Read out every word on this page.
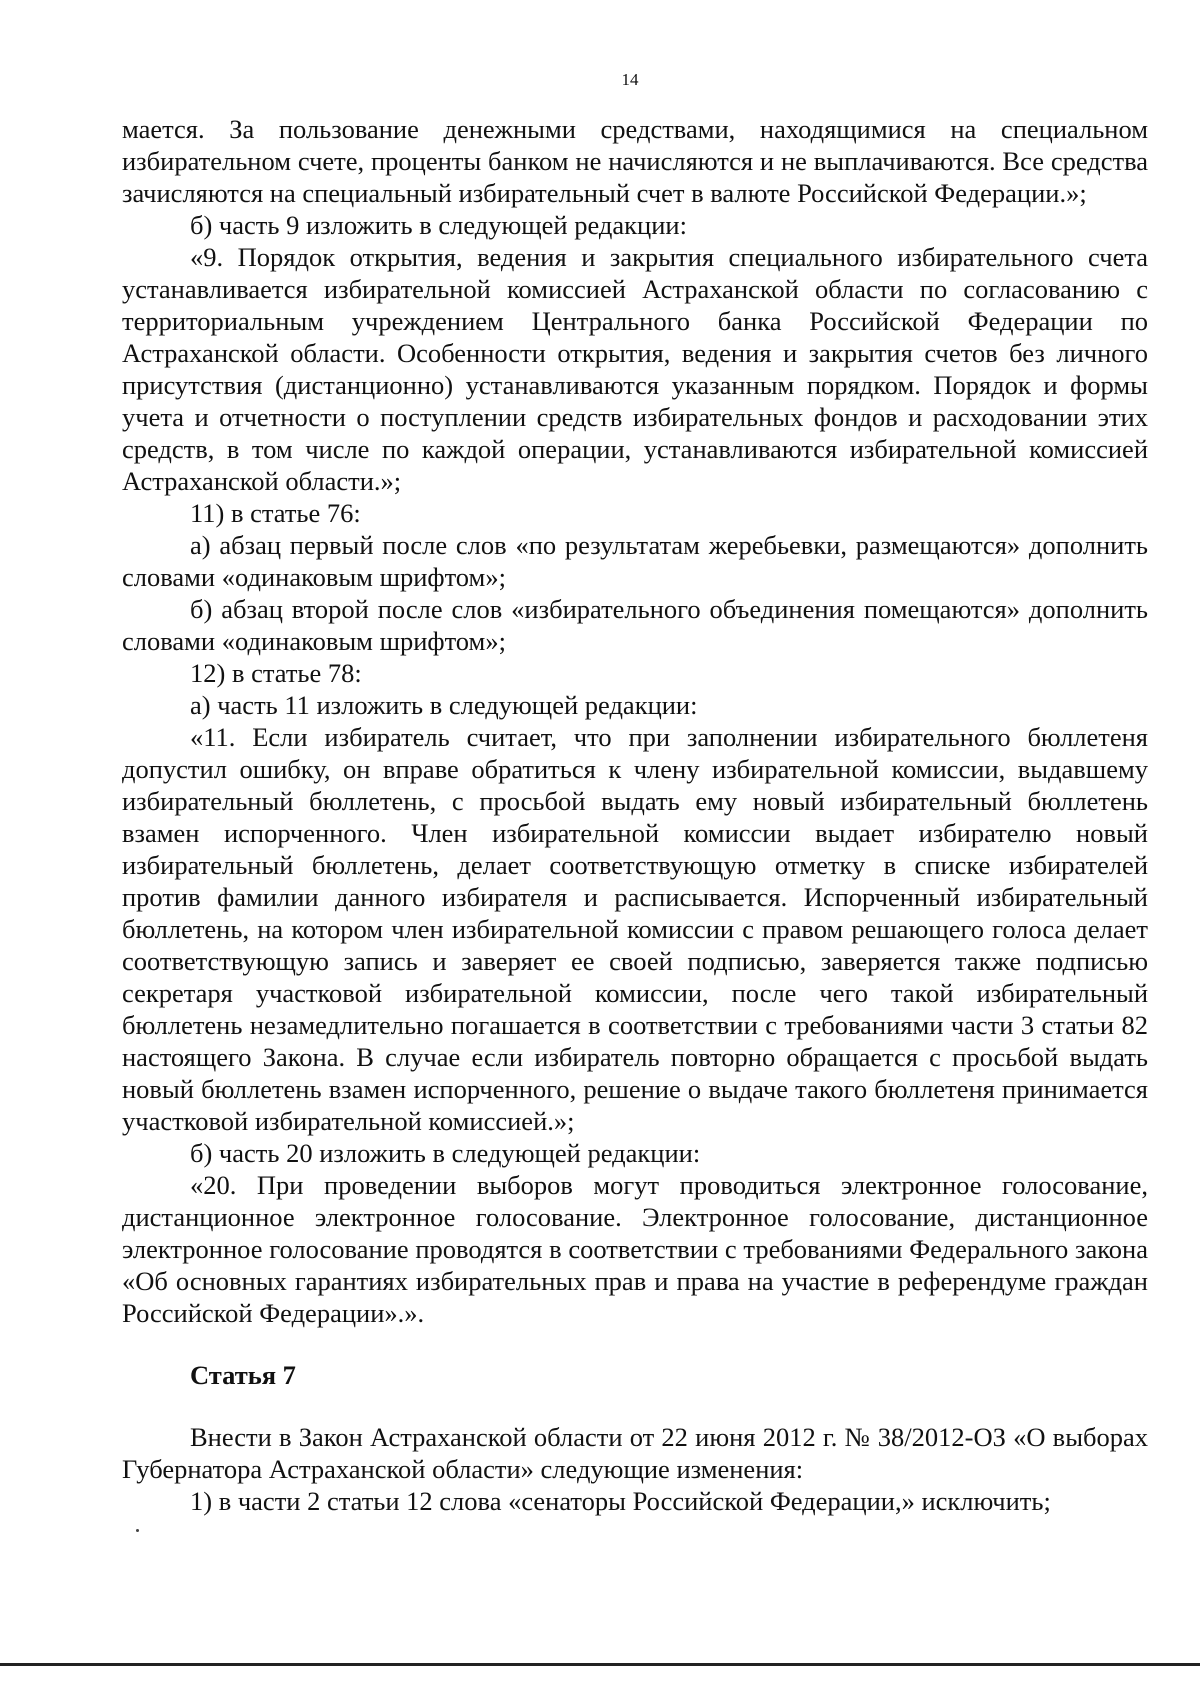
14

мается. За пользование денежными средствами, находящимися на специальном избирательном счете, проценты банком не начисляются и не выплачиваются. Все средства зачисляются на специальный избирательный счет в валюте Российской Федерации.»;

б) часть 9 изложить в следующей редакции:

«9. Порядок открытия, ведения и закрытия специального избирательного счета устанавливается избирательной комиссией Астраханской области по согласованию с территориальным учреждением Центрального банка Российской Федерации по Астраханской области. Особенности открытия, ведения и закрытия счетов без личного присутствия (дистанционно) устанавливаются указанным порядком. Порядок и формы учета и отчетности о поступлении средств избирательных фондов и расходовании этих средств, в том числе по каждой операции, устанавливаются избирательной комиссией Астраханской области.»;

11) в статье 76:

а) абзац первый после слов «по результатам жеребьевки, размещаются» дополнить словами «одинаковым шрифтом»;

б) абзац второй после слов «избирательного объединения помещаются» дополнить словами «одинаковым шрифтом»;

12) в статье 78:

а) часть 11 изложить в следующей редакции:

«11. Если избиратель считает, что при заполнении избирательного бюллетеня допустил ошибку, он вправе обратиться к члену избирательной комиссии, выдавшему избирательный бюллетень, с просьбой выдать ему новый избирательный бюллетень взамен испорченного. Член избирательной комиссии выдает избирателю новый избирательный бюллетень, делает соответствующую отметку в списке избирателей против фамилии данного избирателя и расписывается. Испорченный избирательный бюллетень, на котором член избирательной комиссии с правом решающего голоса делает соответствующую запись и заверяет ее своей подписью, заверяется также подписью секретаря участковой избирательной комиссии, после чего такой избирательный бюллетень незамедлительно погашается в соответствии с требованиями части 3 статьи 82 настоящего Закона. В случае если избиратель повторно обращается с просьбой выдать новый бюллетень взамен испорченного, решение о выдаче такого бюллетеня принимается участковой избирательной комиссией.»;

б) часть 20 изложить в следующей редакции:

«20. При проведении выборов могут проводиться электронное голосование, дистанционное электронное голосование. Электронное голосование, дистанционное электронное голосование проводятся в соответствии с требованиями Федерального закона «Об основных гарантиях избирательных прав и права на участие в референдуме граждан Российской Федерации».».

Статья 7

Внести в Закон Астраханской области от 22 июня 2012 г. № 38/2012-ОЗ «О выборах Губернатора Астраханской области» следующие изменения:

1) в части 2 статьи 12 слова «сенаторы Российской Федерации,» исключить;
